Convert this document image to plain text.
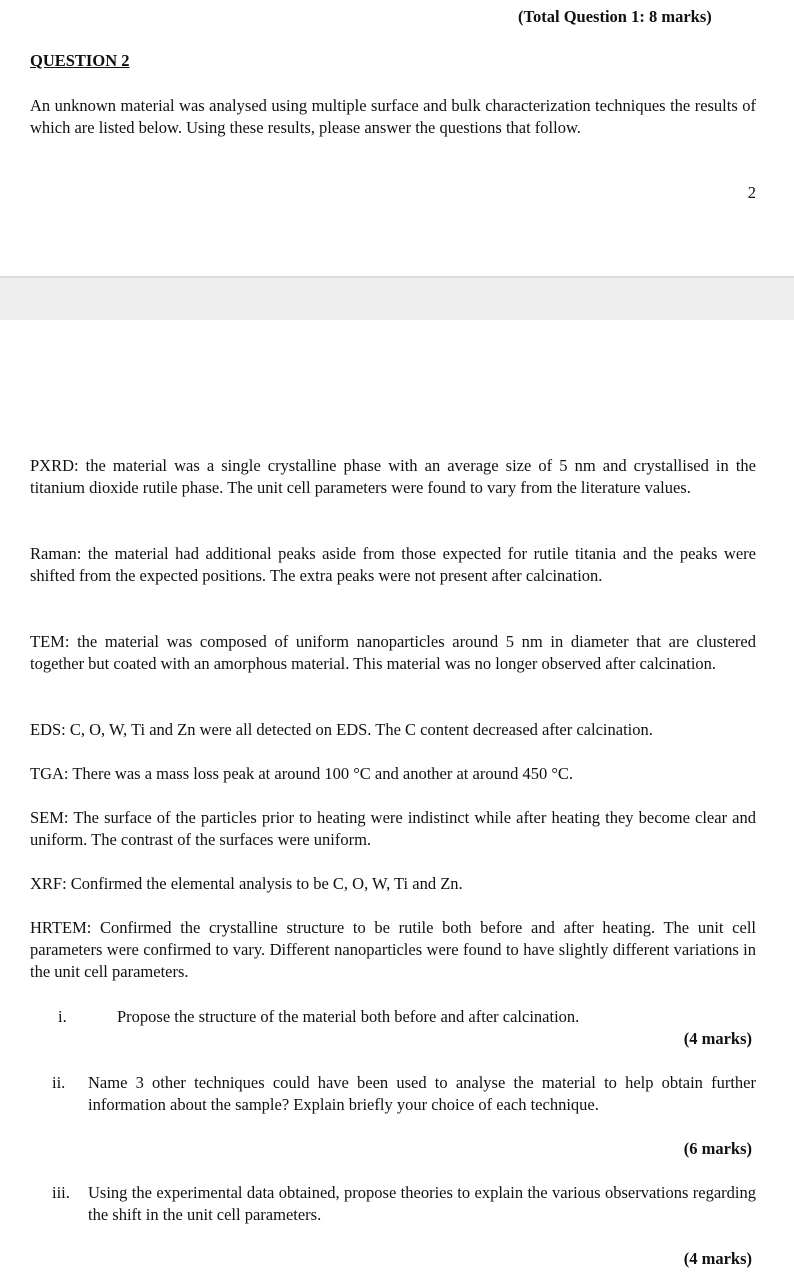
(Total Question 1: 8 marks)
QUESTION 2
An unknown material was analysed using multiple surface and bulk characterization techniques the results of which are listed below. Using these results, please answer the questions that follow.
2
PXRD: the material was a single crystalline phase with an average size of 5 nm and crystallised in the titanium dioxide rutile phase. The unit cell parameters were found to vary from the literature values.
Raman: the material had additional peaks aside from those expected for rutile titania and the peaks were shifted from the expected positions. The extra peaks were not present after calcination.
TEM: the material was composed of uniform nanoparticles around 5 nm in diameter that are clustered together but coated with an amorphous material. This material was no longer observed after calcination.
EDS: C, O, W, Ti and Zn were all detected on EDS. The C content decreased after calcination.
TGA: There was a mass loss peak at around 100 °C and another at around 450 °C.
SEM: The surface of the particles prior to heating were indistinct while after heating they become clear and uniform. The contrast of the surfaces were uniform.
XRF: Confirmed the elemental analysis to be C, O, W, Ti and Zn.
HRTEM: Confirmed the crystalline structure to be rutile both before and after heating. The unit cell parameters were confirmed to vary. Different nanoparticles were found to have slightly different variations in the unit cell parameters.
i.	Propose the structure of the material both before and after calcination.
(4 marks)
ii. Name 3 other techniques could have been used to analyse the material to help obtain further information about the sample? Explain briefly your choice of each technique.
(6 marks)
iii. Using the experimental data obtained, propose theories to explain the various observations regarding the shift in the unit cell parameters.
(4 marks)
